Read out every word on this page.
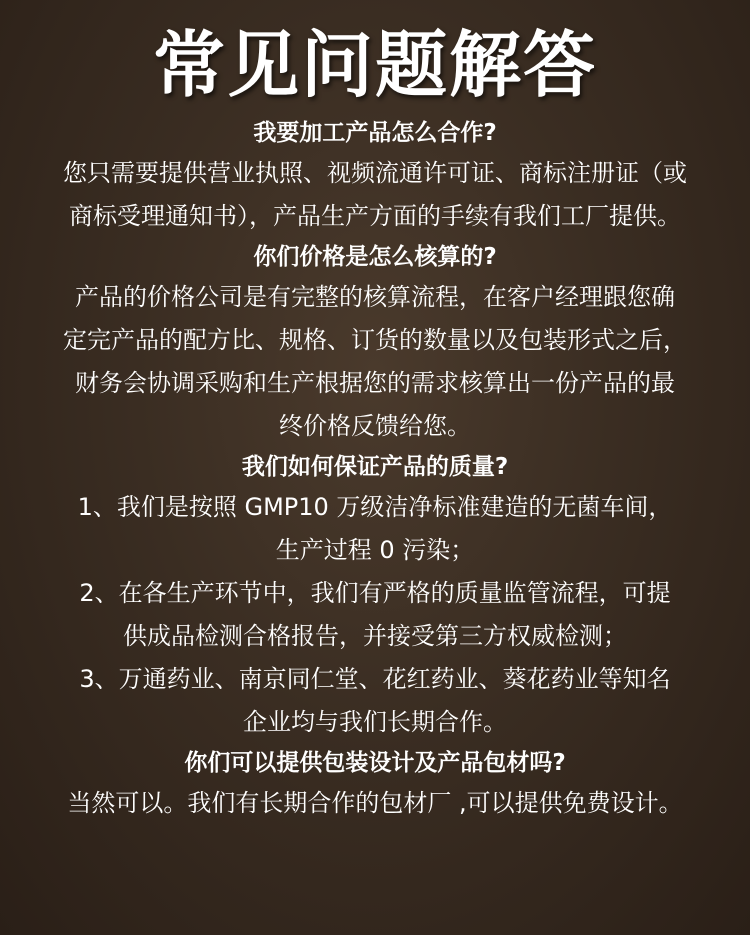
常见问题解答

我要加工产品怎么合作?

您只需要提供营业执照、视频流通许可证、商标注册证（或

商标受理通知书），产品生产方面的手续有我们工厂提供。

你们价格是怎么核算的?

产品的价格公司是有完整的核算流程，在客户经理跟您确

定完产品的配方比、规格、订货的数量以及包装形式之后，

财务会协调采购和生产根据您的需求核算出一份产品的最

终价格反馈给您。

我们如何保证产品的质量?

1、我们是按照 GMP10 万级洁净标准建造的无菌车间，

生产过程 0 污染；

2、在各生产环节中，我们有严格的质量监管流程，可提

供成品检测合格报告，并接受第三方权威检测；

3、万通药业、南京同仁堂、花红药业、葵花药业等知名

企业均与我们长期合作。

你们可以提供包装设计及产品包材吗?

当然可以。我们有长期合作的包材厂 ,可以提供免费设计。
